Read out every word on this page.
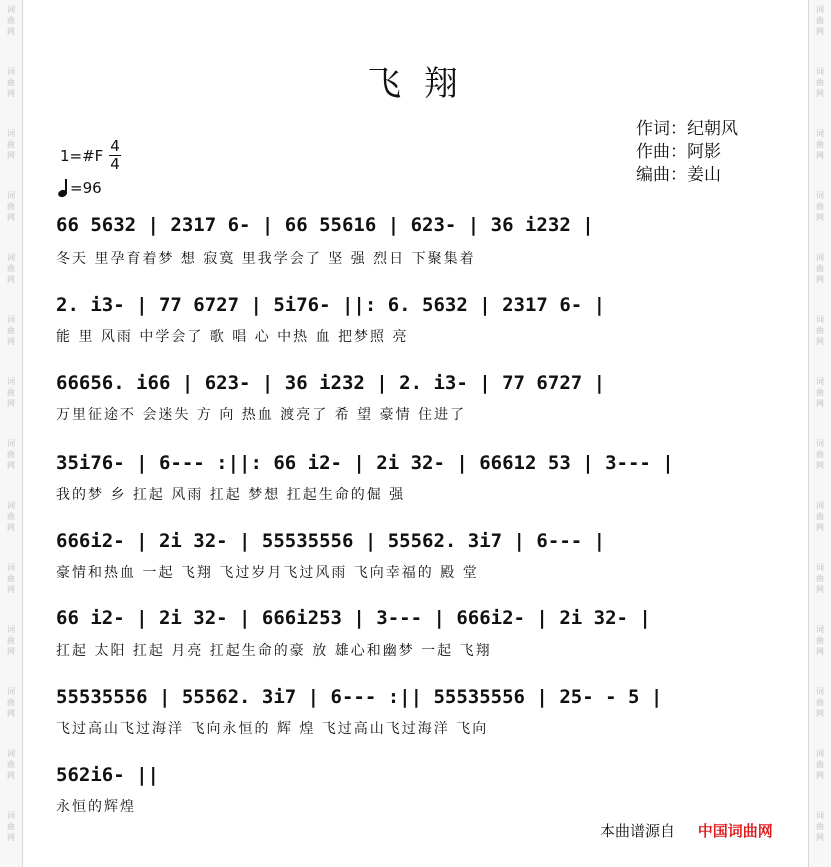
词
曲
网
词
曲
网
词
曲
网
词
曲
网
词
曲
网
词
曲
网
词
曲
网
词
曲
网
词
曲
网
词
曲
网
词
曲
网
词
曲
网
词
曲
网
词
曲
网
词
曲
网
词
曲
网
词
曲
网
词
曲
网
词
曲
网
词
曲
网
词
曲
网
词
曲
网
词
曲
网
词
曲
网
词
曲
网
词
曲
网
词
曲
网
词
曲
网
飞 翔
作词：纪朝风
作曲：阿影
编曲：姜山
1=#F
4
4
=96
66 5632 | 2317 6- | 66 55616 | 623- | 36 i232 |
冬天 里孕育着梦 想 寂寞 里我学会了 坚 强 烈日 下聚集着
2. i3- | 77 6727 | 5i76- ||: 6. 5632 | 2317 6- |
能 里 风雨 中学会了 歌 唱 心 中热 血 把梦照 亮
66656. i66 | 623- | 36 i232 | 2. i3- | 77 6727 |
万里征途不 会迷失 方 向 热血 渡亮了 希 望 豪情 住进了
35i76- | 6--- :||: 66 i2- | 2i 32- | 66612 53 | 3--- |
我的梦 乡 扛起 风雨 扛起 梦想 扛起生命的倔 强
666i2- | 2i 32- | 55535556 | 55562. 3i7 | 6--- |
豪情和热血 一起 飞翔 飞过岁月飞过风雨 飞向幸福的 殿 堂
66 i2- | 2i 32- | 666i253 | 3--- | 666i2- | 2i 32- |
扛起 太阳 扛起 月亮 扛起生命的豪 放 雄心和幽梦 一起 飞翔
55535556 | 55562. 3i7 | 6--- :|| 55535556 | 25- - 5 |
飞过高山飞过海洋 飞向永恒的 辉 煌 飞过高山飞过海洋 飞向
562i6- ||
永恒的辉煌
本曲谱源自 中国词曲网
